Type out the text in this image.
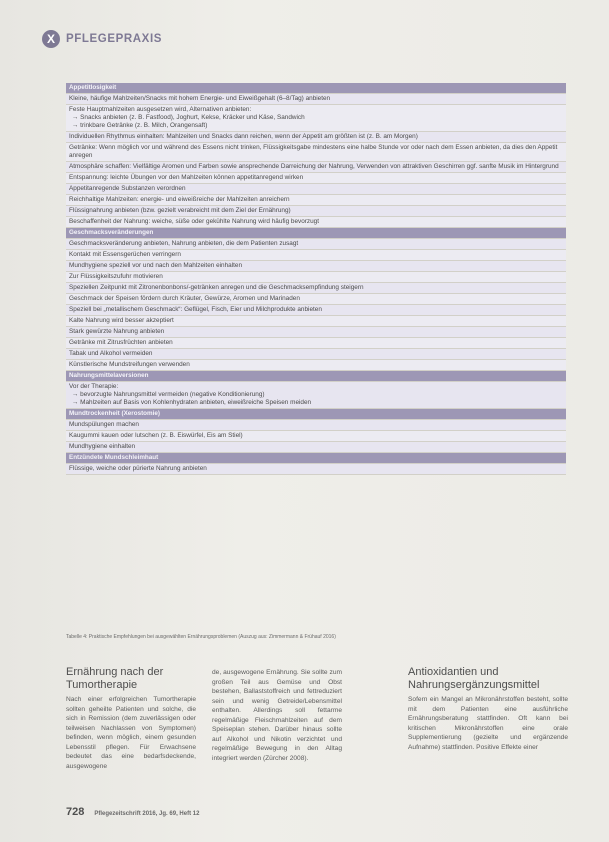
X PFLEGEPRAXIS
Appetitlosigkeit
Kleine, häufige Mahlzeiten/Snacks mit hohem Energie- und Eiweißgehalt (6–8/Tag) anbieten
Feste Hauptmahlzeiten ausgesetzen wird, Alternativen anbieten:
→ Snacks anbieten (z. B. Fastfood), Joghurt, Kekse, Kräcker und Käse, Sandwich
→ trinkbare Getränke (z. B. Milch, Orangensaft)
Individuellen Rhythmus einhalten: Mahlzeiten und Snacks dann reichen, wenn der Appetit am größten ist (z. B. am Morgen)
Getränke: Wenn möglich vor und während des Essens nicht trinken, Flüssigkeitsgabe mindestens eine halbe Stunde vor oder nach dem Essen anbieten, da dies den Appetit anregen
Atmosphäre schaffen: Vielfältige Aromen und Farben sowie ansprechende Darreichung der Nahrung, Verwenden von attraktiven Geschirren ggf. sanfte Musik im Hintergrund
Entspannung: leichte Übungen vor den Mahlzeiten können appetitanregend wirken
Appetitanregende Substanzen verordnen
Reichhaltige Mahlzeiten: energie- und eiweißreiche der Mahlzeiten anreichern
Flüssignahrung anbieten (bzw. gezielt verabreicht mit dem Ziel der Ernährung)
Beschaffenheit der Nahrung: weiche, süße oder gekühlte Nahrung wird häufig bevorzugt
Geschmacksveränderungen
Geschmacksveränderung anbieten, Nahrung anbieten, die dem Patienten zusagt
Kontakt mit Essensgerüchen verringern
Mundhygiene speziell vor und nach den Mahlzeiten einhalten
Zur Flüssigkeitszufuhr motivieren
Speziellen Zeitpunkt mit Zitronenbonbons/-getränken anregen und die Geschmacksempfindung steigern
Geschmack der Speisen fördern durch Kräuter, Gewürze, Aromen und Marinaden
Speziell bei „metallischem Geschmack“: Geflügel, Fisch, Eier und Milchprodukte anbieten
Kalte Nahrung wird besser akzeptiert
Stark gewürzte Nahrung anbieten
Getränke mit Zitrusfrüchten anbieten
Tabak und Alkohol vermeiden
Künstlerische Mundstreifungen verwenden
Nahrungsmittelaversionen
Vor der Therapie:
→ bevorzugte Nahrungsmittel vermeiden (negative Konditionierung)
→ Mahlzeiten auf Basis von Kohlenhydraten anbieten, eiweißreiche Speisen meiden
Mundtrockenheit (Xerostomie)
Mundspülungen machen
Kaugummi kauen oder lutschen (z. B. Eiswürfel, Eis am Stiel)
Mundhygiene einhalten
Entzündete Mundschleimhaut
Flüssige, weiche oder pürierte Nahrung anbieten
Tabelle 4: Praktische Empfehlungen bei ausgewählten Ernährungsproblemen (Auszug aus: Zimmermann & Frühauf 2016)
Ernährung nach der Tumortherapie

Nach einer erfolgreichen Tumortherapie sollten geheilte Patienten und solche, die sich in Remission (dem zuverlässigen oder teilweisen Nachlassen von Symptomen) befinden, wenn möglich, einem gesunden Lebensstil pflegen. Für Erwachsene bedeutet das eine bedarfsdeckende, ausgewogene

de, ausgewogene Ernährung. Sie sollte zum großen Teil aus Gemüse und Obst bestehen, Ballaststoffreich und fettreduziert sein und wenig Getreide/Lebensmittel enthalten. Allerdings soll fettarme regelmäßige Fleischmahlzeiten auf dem Speiseplan stehen. Darüber hinaus sollte auf Alkohol und Nikotin verzichtet und regelmäßige Bewegung in den Alltag integriert werden (Zürcher 2008).

Antioxidantien und Nahrungsergänzungsmittel

Sofern ein Mangel an Mikronährstoffen besteht, sollte mit dem Patienten eine ausführliche Ernährungsberatung stattfinden. Oft kann bei kritischen Mikronährstoffen eine orale Supplementierung (gezielte und ergänzende Aufnahme) stattfinden. Positive Effekte einer

728 Pflegezeitschrift 2016, Jg. 69, Heft 12
